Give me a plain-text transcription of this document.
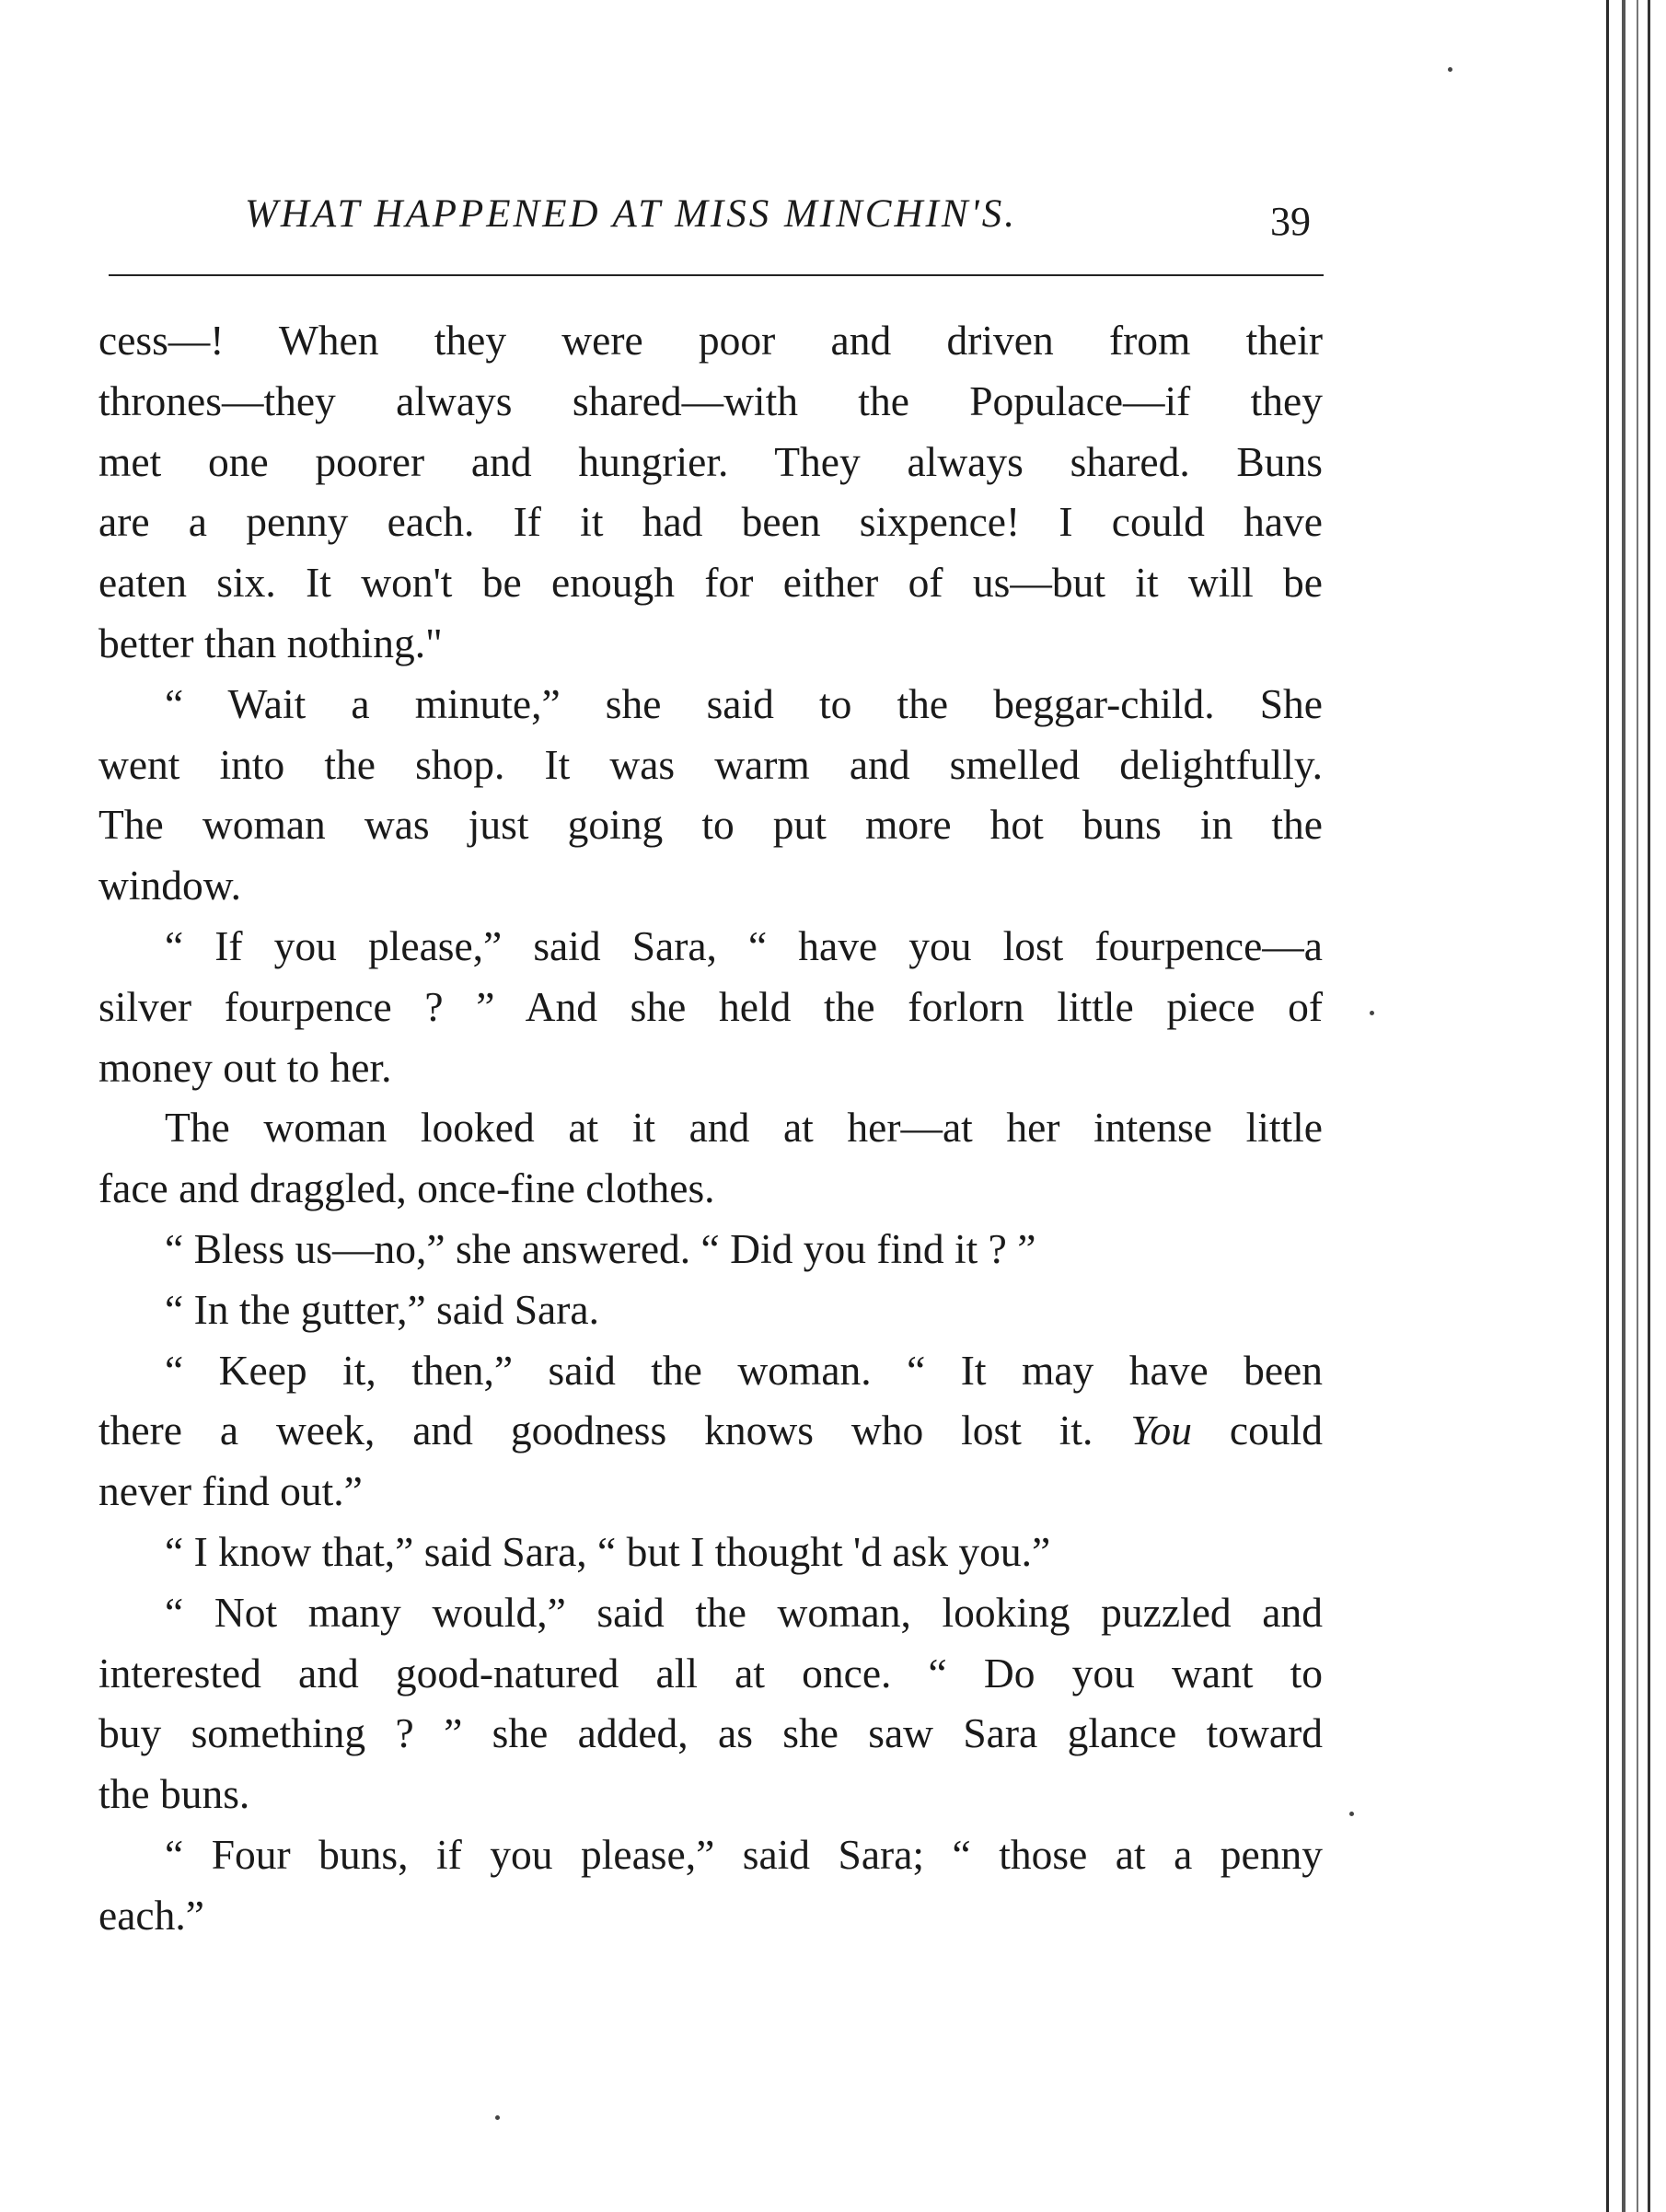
WHAT HAPPENED AT MISS MINCHIN'S.	39
cess—! When they were poor and driven from their
thrones—they always shared—with the Populace—if they
met one poorer and hungrier. They always shared. Buns
are a penny each. If it had been sixpence! I could have
eaten six. It won't be enough for either of us—but it will be
better than nothing."
“ Wait a minute,” she said to the beggar-child. She
went into the shop. It was warm and smelled delightfully.
The woman was just going to put more hot buns in the
window.
“ If you please,” said Sara, “ have you lost fourpence—a
silver fourpence ? ” And she held the forlorn little piece of
money out to her.
The woman looked at it and at her—at her intense little
face and draggled, once-fine clothes.
“ Bless us—no,” she answered. “ Did you find it ? ”
“ In the gutter,” said Sara.
“ Keep it, then,” said the woman. “ It may have been
there a week, and goodness knows who lost it. You could
never find out.”
“ I know that,” said Sara, “ but I thought 'd ask you.”
“ Not many would,” said the woman, looking puzzled and
interested and good-natured all at once. “ Do you want to
buy something ? ” she added, as she saw Sara glance toward
the buns.
“ Four buns, if you please,” said Sara; “ those at a penny
each.”
